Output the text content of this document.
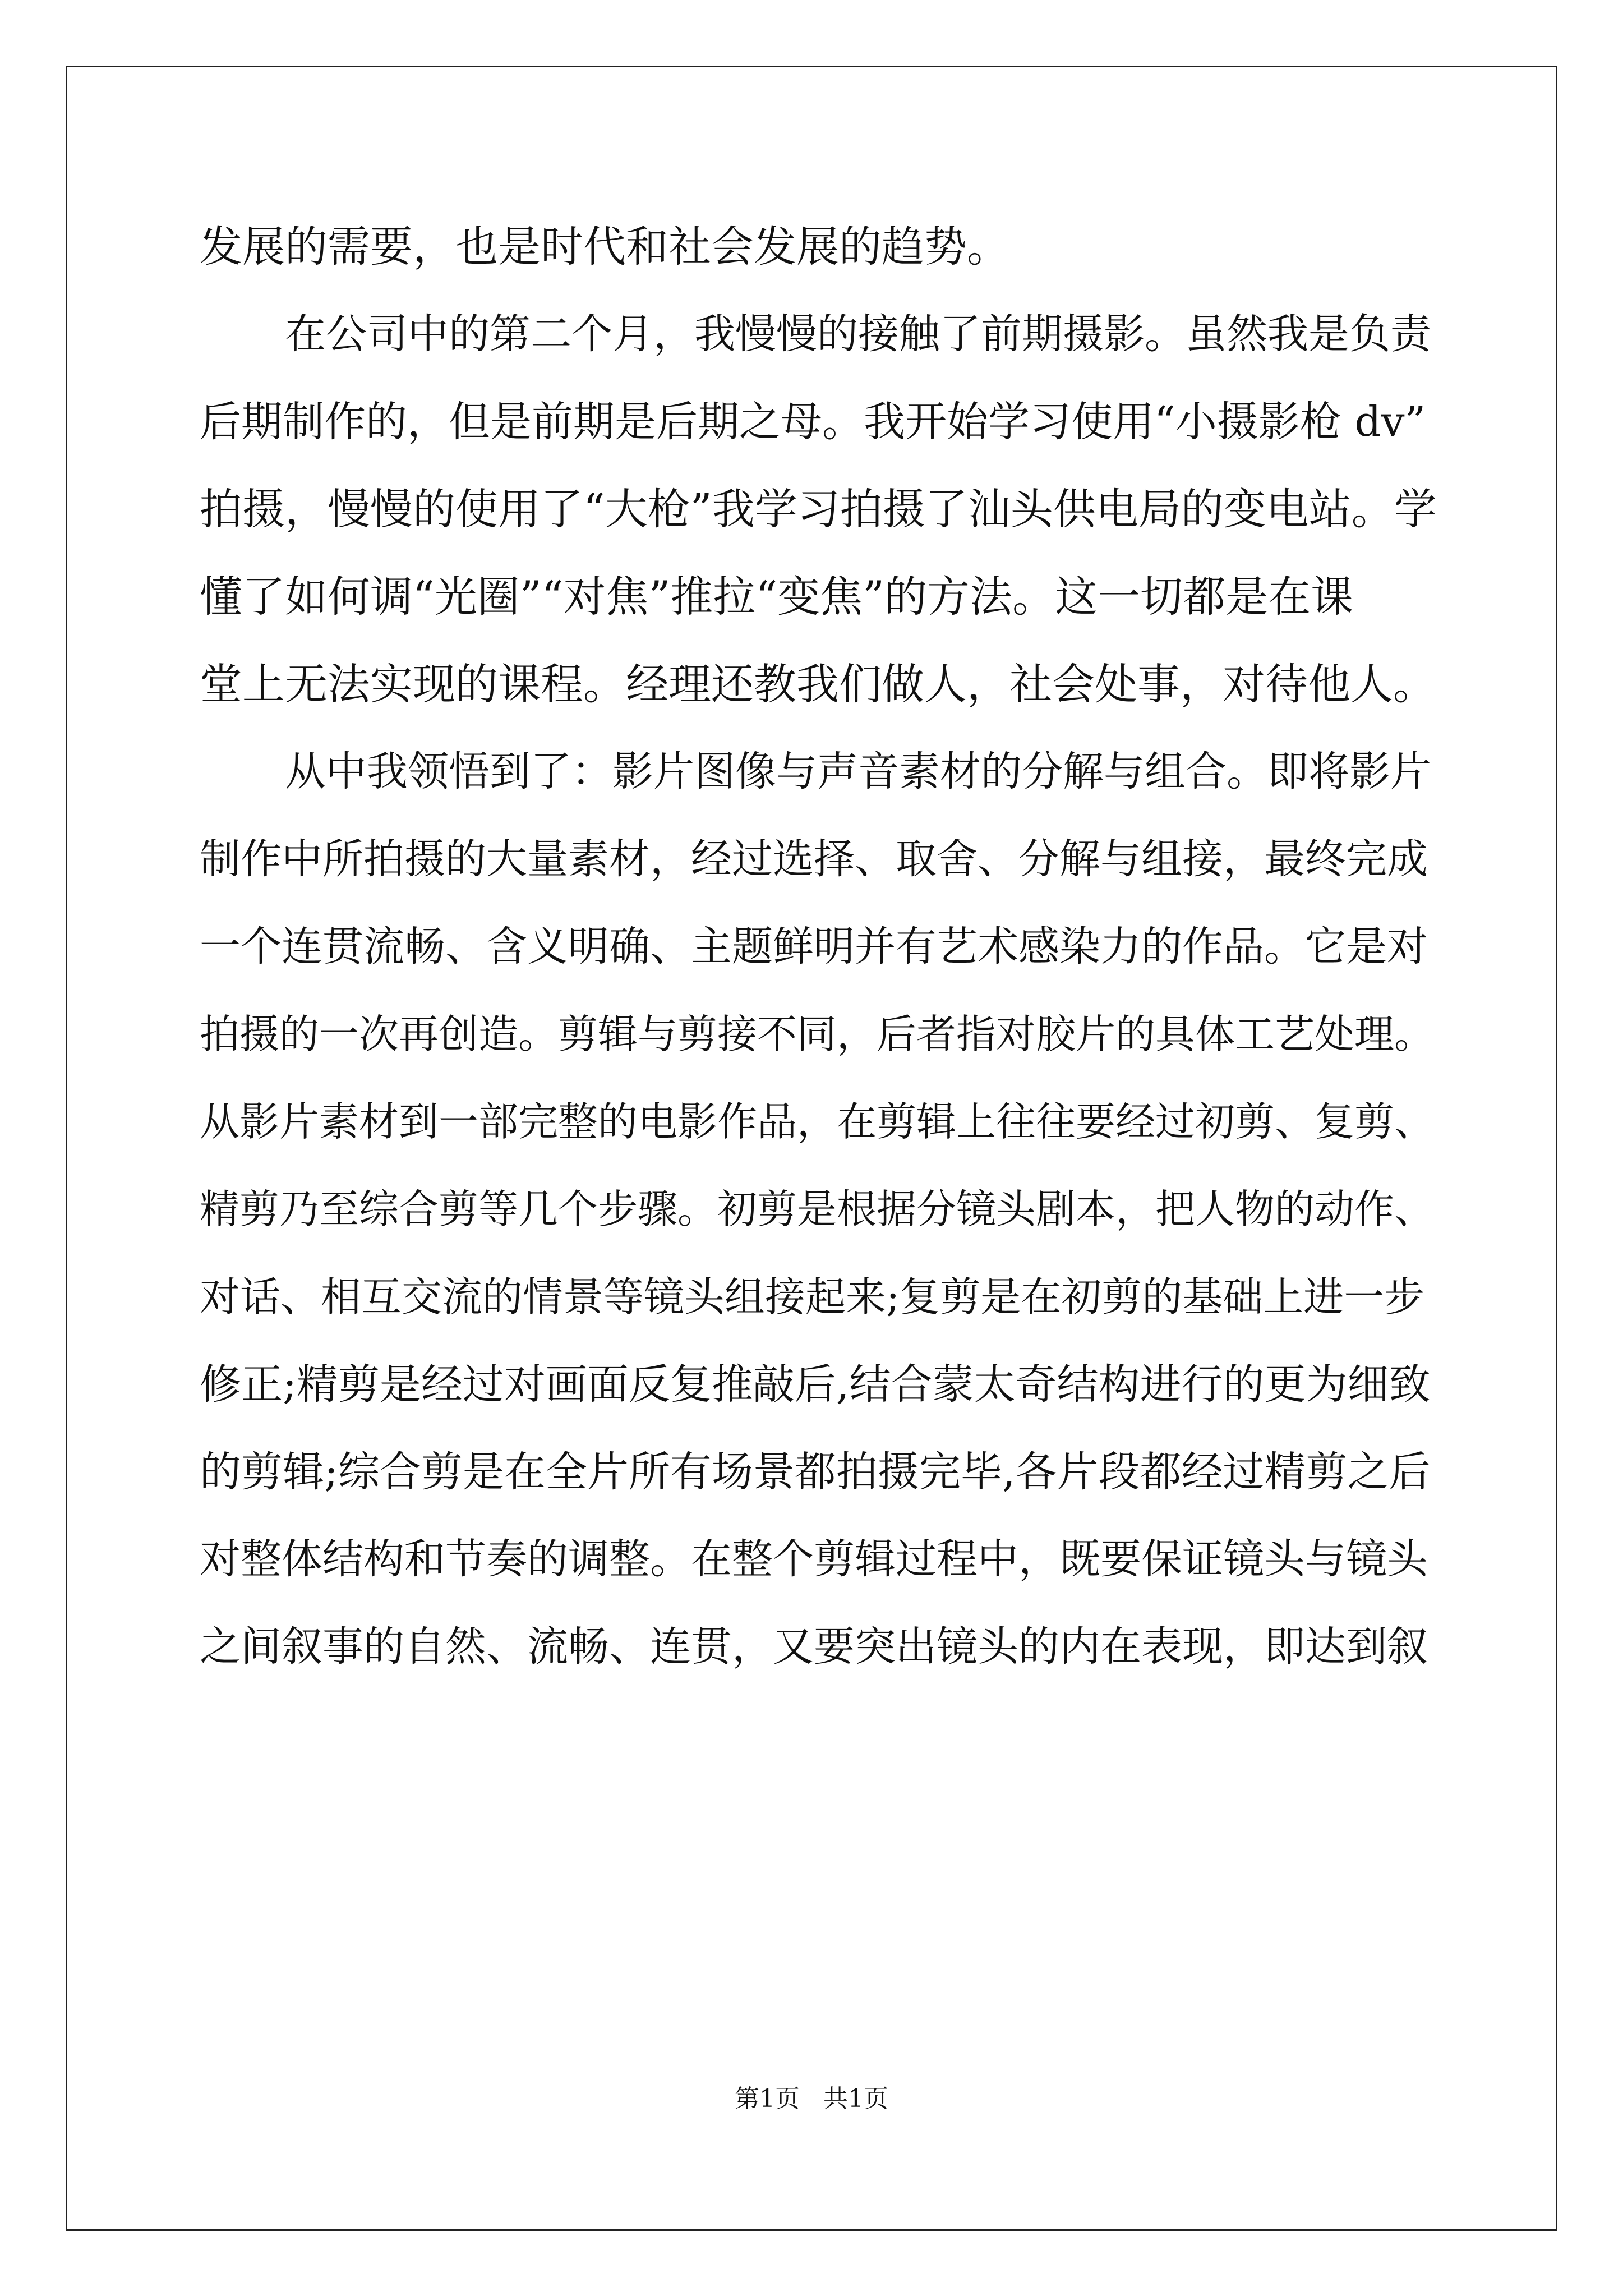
发展的需要，也是时代和社会发展的趋势。
在公司中的第二个月，我慢慢的接触了前期摄影。虽然我是负责
后期制作的，但是前期是后期之母。我开始学习使用“小摄影枪 dv”
拍摄，慢慢的使用了“大枪”我学习拍摄了汕头供电局的变电站。学
懂了如何调“光圈”“对焦”推拉“变焦”的方法。这一切都是在课
堂上无法实现的课程。经理还教我们做人，社会处事，对待他人。
从中我领悟到了：影片图像与声音素材的分解与组合。即将影片
制作中所拍摄的大量素材，经过选择、取舍、分解与组接，最终完成
一个连贯流畅、含义明确、主题鲜明并有艺术感染力的作品。它是对
拍摄的一次再创造。剪辑与剪接不同，后者指对胶片的具体工艺处理。
从影片素材到一部完整的电影作品，在剪辑上往往要经过初剪、复剪、
精剪乃至综合剪等几个步骤。初剪是根据分镜头剧本，把人物的动作、
对话、相互交流的情景等镜头组接起来;复剪是在初剪的基础上进一步
修正;精剪是经过对画面反复推敲后,结合蒙太奇结构进行的更为细致
的剪辑;综合剪是在全片所有场景都拍摄完毕,各片段都经过精剪之后
对整体结构和节奏的调整。在整个剪辑过程中，既要保证镜头与镜头
之间叙事的自然、流畅、连贯，又要突出镜头的内在表现，即达到叙
第1页   共1页
